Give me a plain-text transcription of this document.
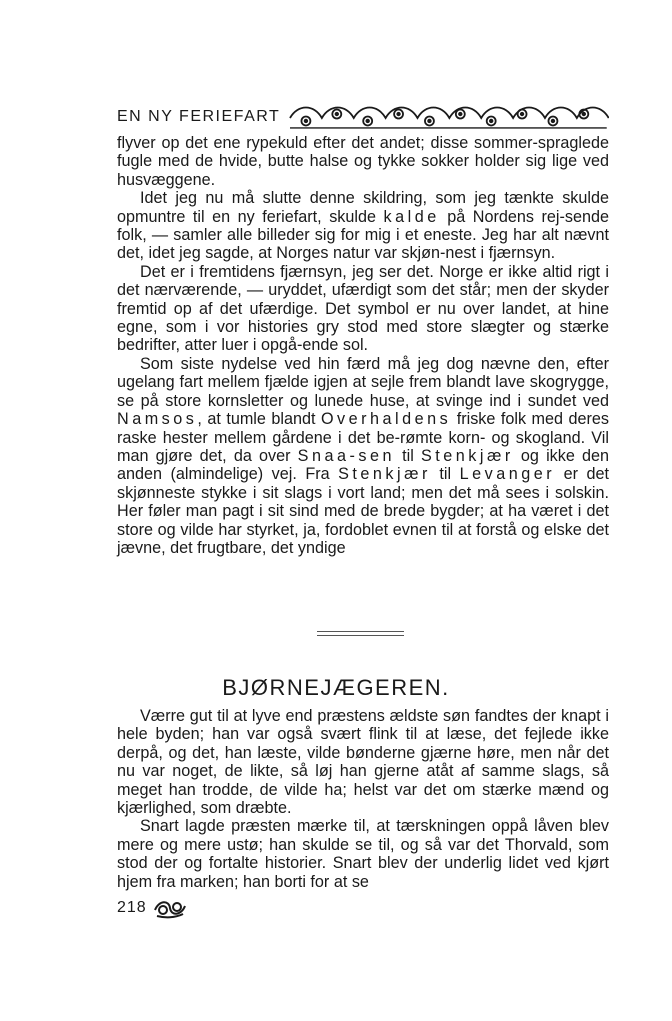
EN NY FERIEFART

flyver op det ene rypekuld efter det andet; disse sommer-spraglede fugle med de hvide, butte halse og tykke sokker holder sig lige ved husvæggene.

Idet jeg nu må slutte denne skildring, som jeg tænkte skulde opmuntre til en ny feriefart, skulde kalde på Nordens rej-sende folk, — samler alle billeder sig for mig i et eneste. Jeg har alt nævnt det, idet jeg sagde, at Norges natur var skjøn-nest i fjærnsyn.

Det er i fremtidens fjærnsyn, jeg ser det. Norge er ikke altid rigt i det nærværende, — uryddet, ufærdigt som det står; men der skyder fremtid op af det ufærdige. Det symbol er nu over landet, at hine egne, som i vor histories gry stod med store slægter og stærke bedrifter, atter luer i opgå-ende sol.

Som siste nydelse ved hin færd må jeg dog nævne den, efter ugelang fart mellem fjælde igjen at sejle frem blandt lave skogrygge, se på store kornsletter og lunede huse, at svinge ind i sundet ved Namsos, at tumle blandt Overhaldens friske folk med deres raske hester mellem gårdene i det be-rømte korn- og skogland. Vil man gjøre det, da over Snaa-sen til Stenkjær og ikke den anden (almindelige) vej. Fra Stenkjær til Levanger er det skjønneste stykke i sit slags i vort land; men det må sees i solskin. Her føler man pagt i sit sind med de brede bygder; at ha været i det store og vilde har styrket, ja, fordoblet evnen til at forstå og elske det jævne, det frugtbare, det yndige

BJØRNEJÆGEREN.

Værre gut til at lyve end præstens ældste søn fandtes der knapt i hele byden; han var også svært flink til at læse, det fejlede ikke derpå, og det, han læste, vilde bønderne gjærne høre, men når det nu var noget, de likte, så løj han gjerne atåt af samme slags, så meget han trodde, de vilde ha; helst var det om stærke mænd og kjærlighed, som dræbte.

Snart lagde præsten mærke til, at tærskningen oppå låven blev mere og mere ustø; han skulde se til, og så var det Thorvald, som stod der og fortalte historier. Snart blev der underlig lidet ved kjørt hjem fra marken; han borti for at se

218
